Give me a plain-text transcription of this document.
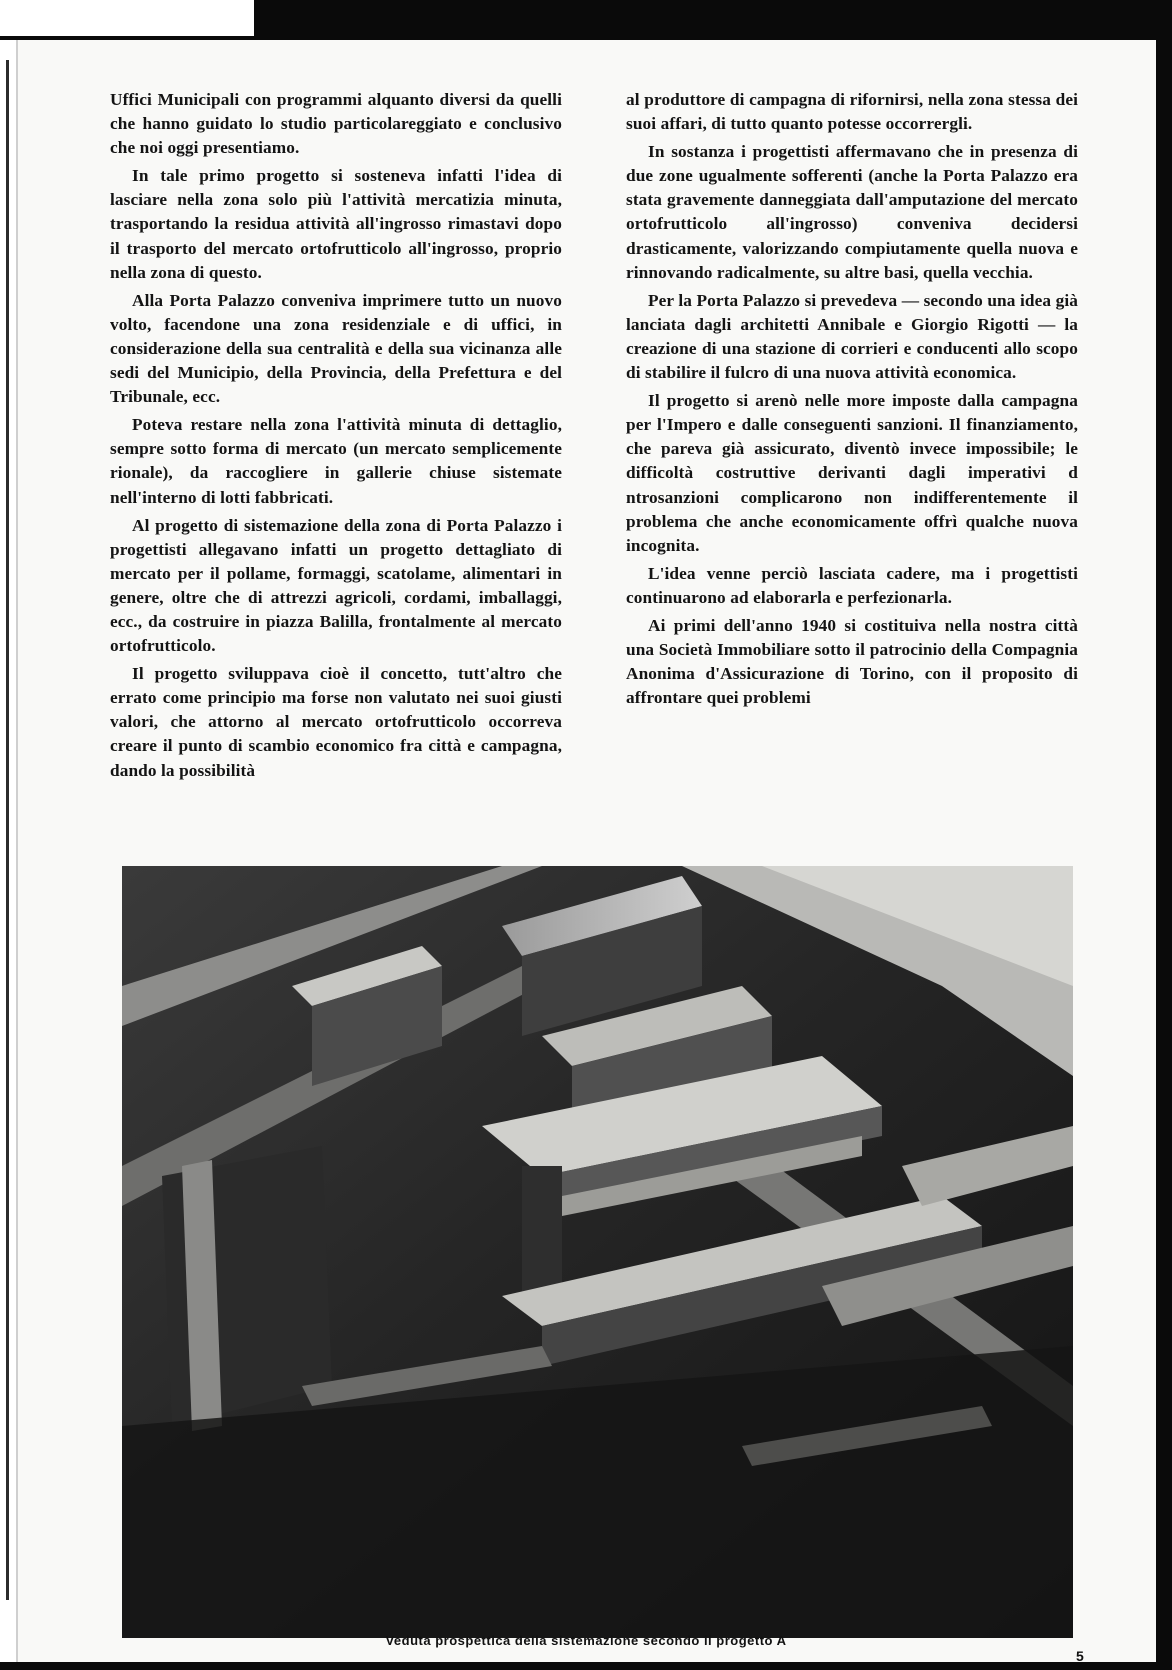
Uffici Municipali con programmi alquanto diversi da quelli che hanno guidato lo studio particolareggiato e conclusivo che noi oggi presentiamo.

In tale primo progetto si sosteneva infatti l'idea di lasciare nella zona solo più l'attività mercatizia minuta, trasportando la residua attività all'ingrosso rimastavi dopo il trasporto del mercato ortofrutticolo all'ingrosso, proprio nella zona di questo.

Alla Porta Palazzo conveniva imprimere tutto un nuovo volto, facendone una zona residenziale e di uffici, in considerazione della sua centralità e della sua vicinanza alle sedi del Municipio, della Provincia, della Prefettura e del Tribunale, ecc.

Poteva restare nella zona l'attività minuta di dettaglio, sempre sotto forma di mercato (un mercato semplicemente rionale), da raccogliere in gallerie chiuse sistemate nell'interno di lotti fabbricati.

Al progetto di sistemazione della zona di Porta Palazzo i progettisti allegavano infatti un progetto dettagliato di mercato per il pollame, formaggi, scatolame, alimentari in genere, oltre che di attrezzi agricoli, cordami, imballaggi, ecc., da costruire in piazza Balilla, frontalmente al mercato ortofrutticolo.

Il progetto sviluppava cioè il concetto, tutt'altro che errato come principio ma forse non valutato nei suoi giusti valori, che attorno al mercato ortofrutticolo occorreva creare il punto di scambio economico fra città e campagna, dando la possibilità

al produttore di campagna di rifornirsi, nella zona stessa dei suoi affari, di tutto quanto potesse occorrergli.

In sostanza i progettisti affermavano che in presenza di due zone ugualmente sofferenti (anche la Porta Palazzo era stata gravemente danneggiata dall'amputazione del mercato ortofrutticolo all'ingrosso) conveniva decidersi drasticamente, valorizzando compiutamente quella nuova e rinnovando radicalmente, su altre basi, quella vecchia.

Per la Porta Palazzo si prevedeva — secondo una idea già lanciata dagli architetti Annibale e Giorgio Rigotti — la creazione di una stazione di corrieri e conducenti allo scopo di stabilire il fulcro di una nuova attività economica.

Il progetto si arenò nelle more imposte dalla campagna per l'Impero e dalle conseguenti sanzioni. Il finanziamento, che pareva già assicurato, diventò invece impossibile; le difficoltà costruttive derivanti dagli imperativi d ntrosanzioni complicarono non indifferentemente il problema che anche economicamente offrì qualche nuova incognita.

L'idea venne perciò lasciata cadere, ma i progettisti continuarono ad elaborarla e perfezionarla.

Ai primi dell'anno 1940 si costituiva nella nostra città una Società Immobiliare sotto il patrocinio della Compagnia Anonima d'Assicurazione di Torino, con il proposito di affrontare quei problemi

Veduta prospettica della sistemazione secondo il progetto A
5
